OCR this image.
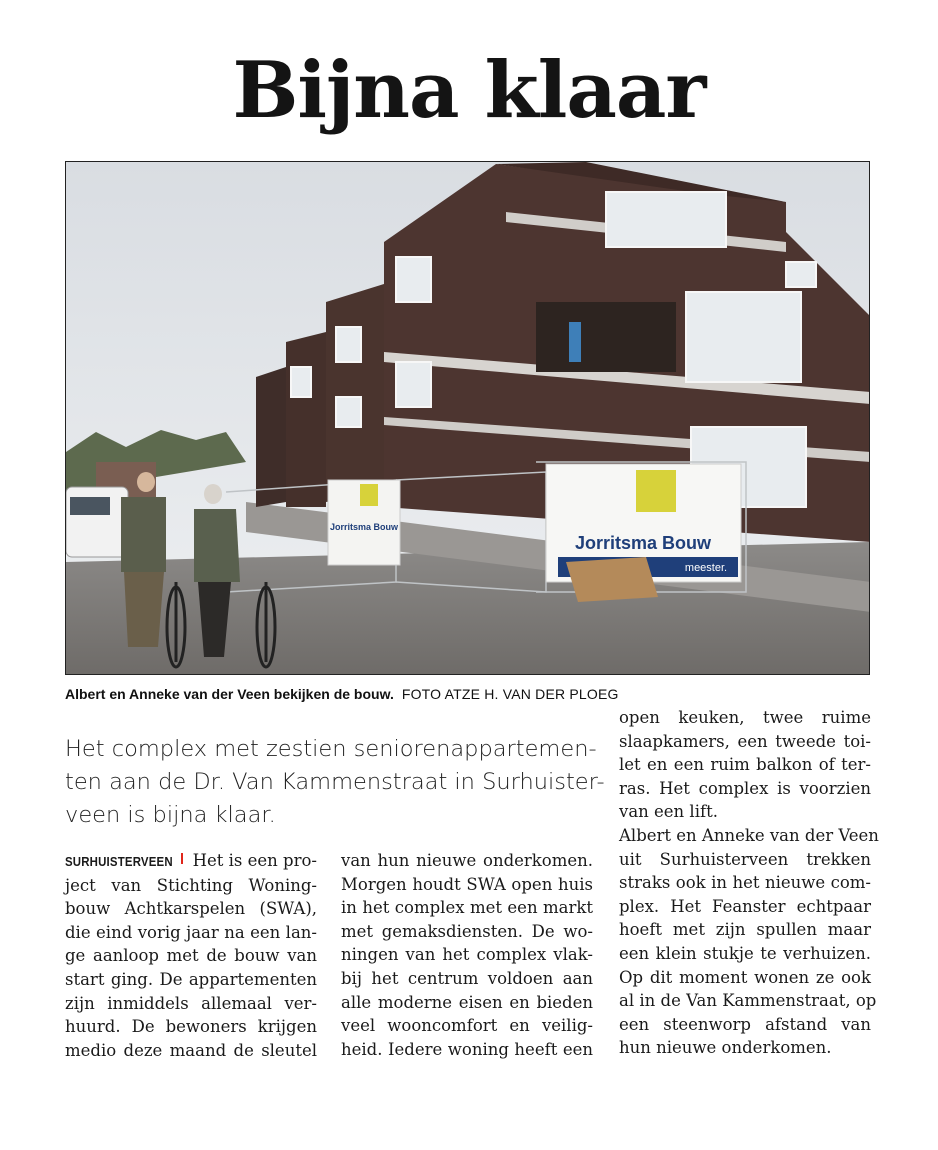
Bijna klaar
Jorritsma Bouw
Jorritsma Bouw
meester.
Albert en Anneke van der Veen bekijken de bouw. FOTO ATZE H. VAN DER PLOEG
Het complex met zestien seniorenappartemen-
ten aan de Dr. Van Kammenstraat in Surhuister-
veen is bijna klaar.
SURHUISTERVEEN Het is een pro-
ject van Stichting Woning-
bouw Achtkarspelen (SWA),
die eind vorig jaar na een lan-
ge aanloop met de bouw van
start ging. De appartementen
zijn inmiddels allemaal ver-
huurd. De bewoners krijgen
medio deze maand de sleutel
van hun nieuwe onderkomen.
Morgen houdt SWA open huis
in het complex met een markt
met gemaksdiensten. De wo-
ningen van het complex vlak-
bij het centrum voldoen aan
alle moderne eisen en bieden
veel wooncomfort en veilig-
heid. Iedere woning heeft een
open keuken, twee ruime
slaapkamers, een tweede toi-
let en een ruim balkon of ter-
ras. Het complex is voorzien
van een lift.
Albert en Anneke van der Veen
uit Surhuisterveen trekken
straks ook in het nieuwe com-
plex. Het Feanster echtpaar
hoeft met zijn spullen maar
een klein stukje te verhuizen.
Op dit moment wonen ze ook
al in de Van Kammenstraat, op
een steenworp afstand van
hun nieuwe onderkomen.
